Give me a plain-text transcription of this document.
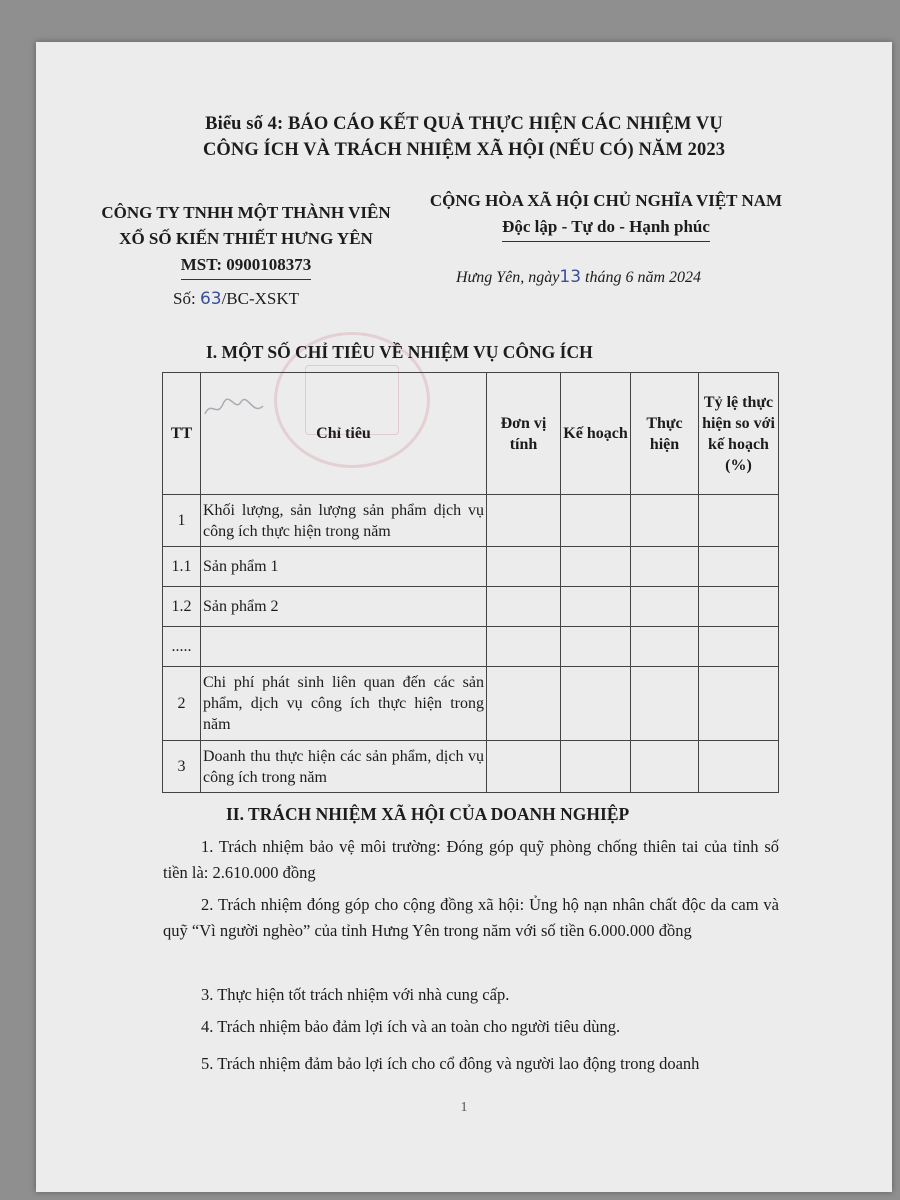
Biểu số 4: BÁO CÁO KẾT QUẢ THỰC HIỆN CÁC NHIỆM VỤ
CÔNG ÍCH VÀ TRÁCH NHIỆM XÃ HỘI (NẾU CÓ) NĂM 2023
CÔNG TY TNHH MỘT THÀNH VIÊN
XỔ SỐ KIẾN THIẾT HƯNG YÊN
MST: 0900108373
CỘNG HÒA XÃ HỘI CHỦ NGHĨA VIỆT NAM
Độc lập - Tự do - Hạnh phúc
Hưng Yên, ngày13 tháng 6 năm 2024
Số: 63/BC-XSKT
I. MỘT SỐ CHỈ TIÊU VỀ NHIỆM VỤ CÔNG ÍCH
TT	Chỉ tiêu	Đơn vị tính	Kế hoạch	Thực hiện	Tỷ lệ thực hiện so với kế hoạch (%)
1	Khối lượng, sản lượng sản phẩm dịch vụ công ích thực hiện trong năm				
1.1	Sản phẩm 1				
1.2	Sản phẩm 2				
.....					
2	Chi phí phát sinh liên quan đến các sản phẩm, dịch vụ công ích thực hiện trong năm				
3	Doanh thu thực hiện các sản phẩm, dịch vụ công ích trong năm				
II. TRÁCH NHIỆM XÃ HỘI CỦA DOANH NGHIỆP
1. Trách nhiệm bảo vệ môi trường: Đóng góp quỹ phòng chống thiên tai của tỉnh số tiền là: 2.610.000 đồng
2. Trách nhiệm đóng góp cho cộng đồng xã hội: Ủng hộ nạn nhân chất độc da cam và quỹ “Vì người nghèo” của tỉnh Hưng Yên trong năm với số tiền 6.000.000 đồng
3. Thực hiện tốt trách nhiệm với nhà cung cấp.
4. Trách nhiệm bảo đảm lợi ích và an toàn cho người tiêu dùng.
5. Trách nhiệm đảm bảo lợi ích cho cổ đông và người lao động trong doanh
1
